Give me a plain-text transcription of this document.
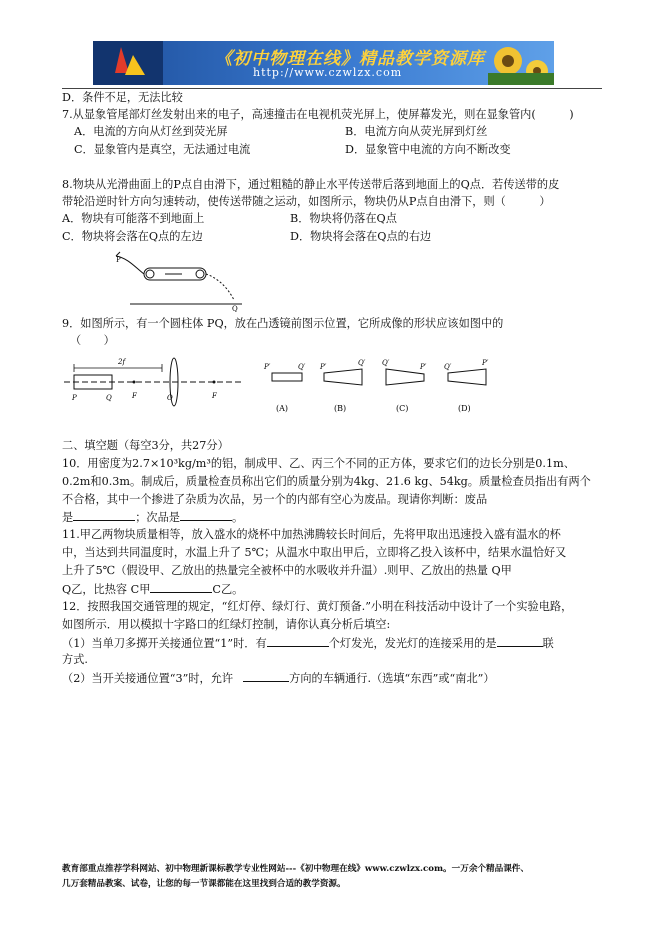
《初中物理在线》精品教学资源库
http://www.czwlzx.com
D．条件不足，无法比较
7.从显象管尾部灯丝发射出来的电子，高速撞击在电视机荧光屏上，使屏幕发光，则在显象管内(　　　)
A．电流的方向从灯丝到荧光屏	B．电流方向从荧光屏到灯丝
C．显象管内是真空，无法通过电流	D．显象管中电流的方向不断改变
8.物块从光滑曲面上的P点自由滑下，通过粗糙的静止水平传送带后落到地面上的Q点．若传送带的皮
带轮沿逆时针方向匀速转动，使传送带随之运动，如图所示，物块仍从P点自由滑下，则（　　　）
A．物块有可能落不到地面上	B．物块将仍落在Q点
C．物块将会落在Q点的左边	D．物块将会落在Q点的右边
P
Q
9．如图所示，有一个圆柱体 PQ，放在凸透镜前图示位置，它所成像的形状应该如图中的
（　　）
2f
P	Q	F	O	F
P′	Q′
(A)
P′	Q′
(B)
Q′	P′
(C)
Q′	P′
(D)
二、填空题（每空3分，共27分）
10．用密度为2.7×10³kg/m³的铝，制成甲、乙、丙三个不同的正方体，要求它们的边长分别是0.1m、
0.2m和0.3m。制成后，质量检查员称出它们的质量分别为4kg、21.6 kg、54kg。质量检查员指出有两个
不合格，其中一个掺进了杂质为次品，另一个的内部有空心为废品。现请你判断：废品
是	；次品是	。
11.甲乙两物块质量相等，放入盛水的烧杯中加热沸腾较长时间后，先将甲取出迅速投入盛有温水的杯
中，当达到共同温度时，水温上升了 5℃；从温水中取出甲后，立即将乙投入该杯中，结果水温恰好又
上升了5℃（假设甲、乙放出的热量完全被杯中的水吸收并升温）.则甲、乙放出的热量 Q甲
Q乙，比热容 C甲	C乙。
12．按照我国交通管理的规定，“红灯停、绿灯行、黄灯预备.”小明在科技活动中设计了一个实验电路，
如图所示．用以模拟十字路口的红绿灯控制，请你认真分析后填空:
（1）当单刀多掷开关接通位置“1”时．有	个灯发光，发光灯的连接采用的是	联
方式.
（2）当开关接通位置“3”时，允许	方向的车辆通行.（选填“东西”或“南北”）
教育部重点推荐学科网站、初中物理新课标教学专业性网站---《初中物理在线》www.czwlzx.com。一万余个精品课件、
几万套精品教案、试卷，让您的每一节课都能在这里找到合适的教学资源。
